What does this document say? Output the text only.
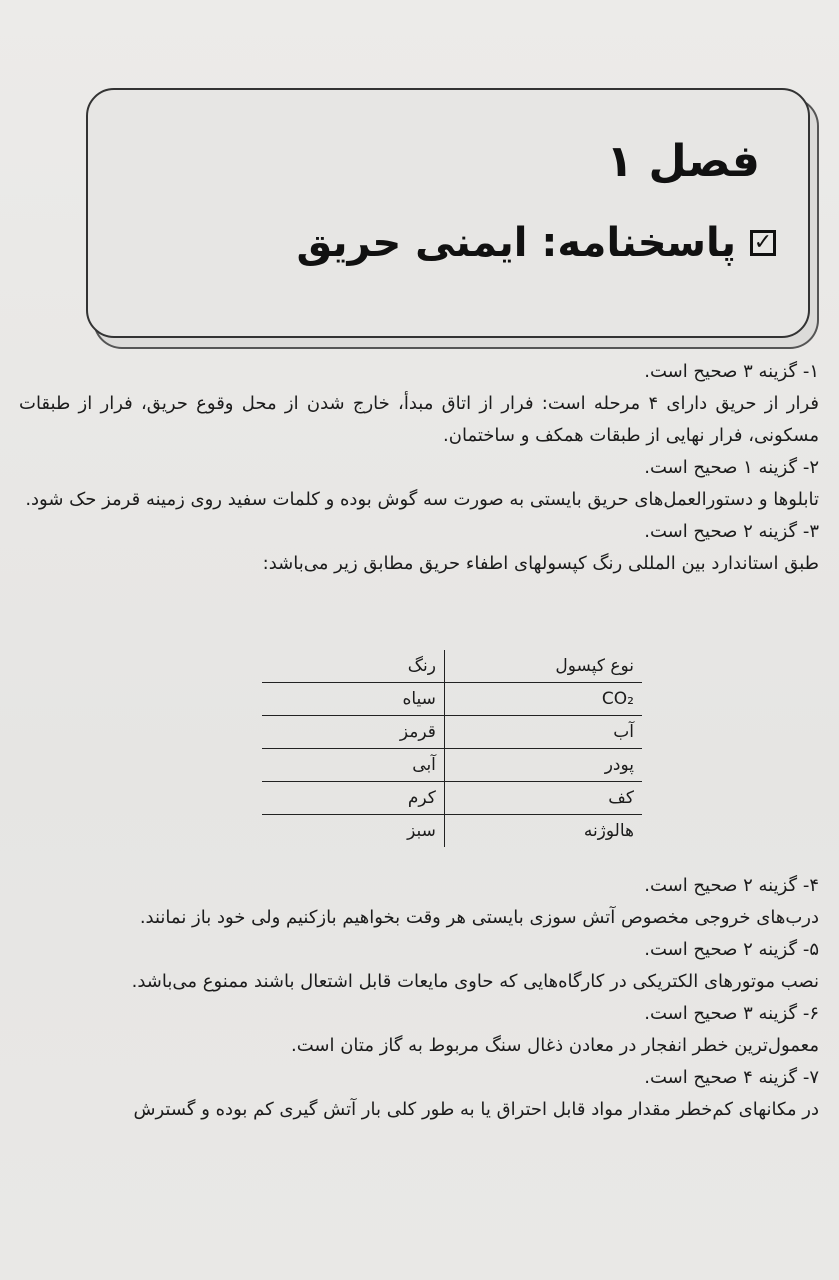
فصل ۱
✓
پاسخنامه: ایمنی حریق

۱- گزینه ۳ صحیح است.

فرار از حریق دارای ۴ مرحله است: فرار از اتاق مبدأ، خارج شدن از محل وقوع حریق، فرار از طبقات مسکونی، فرار نهایی از طبقات همکف و ساختمان.

۲- گزینه ۱ صحیح است.

تابلوها و دستورالعمل‌های حریق بایستی به صورت سه گوش بوده و کلمات سفید روی زمینه قرمز حک شود.

۳- گزینه ۲ صحیح است.

طبق استاندارد بین المللی رنگ کپسولهای اطفاء حریق مطابق زیر می‌باشد:

نوع کپسول	رنگ
CO₂	سیاه
آب	قرمز
پودر	آبی
کف	کرم
هالوژنه	سبز

۴- گزینه ۲ صحیح است.

درب‌های خروجی مخصوص آتش سوزی بایستی هر وقت بخواهیم بازکنیم ولی خود باز نمانند.

۵- گزینه ۲ صحیح است.

نصب موتورهای الکتریکی در کارگاه‌هایی که حاوی مایعات قابل اشتعال باشند ممنوع می‌باشد.

۶- گزینه ۳ صحیح است.

معمول‌ترین خطر انفجار در معادن ذغال سنگ مربوط به گاز متان است.

۷- گزینه ۴ صحیح است.

در مکانهای کم‌خطر مقدار مواد قابل احتراق یا به طور کلی بار آتش گیری کم بوده و گسترش
